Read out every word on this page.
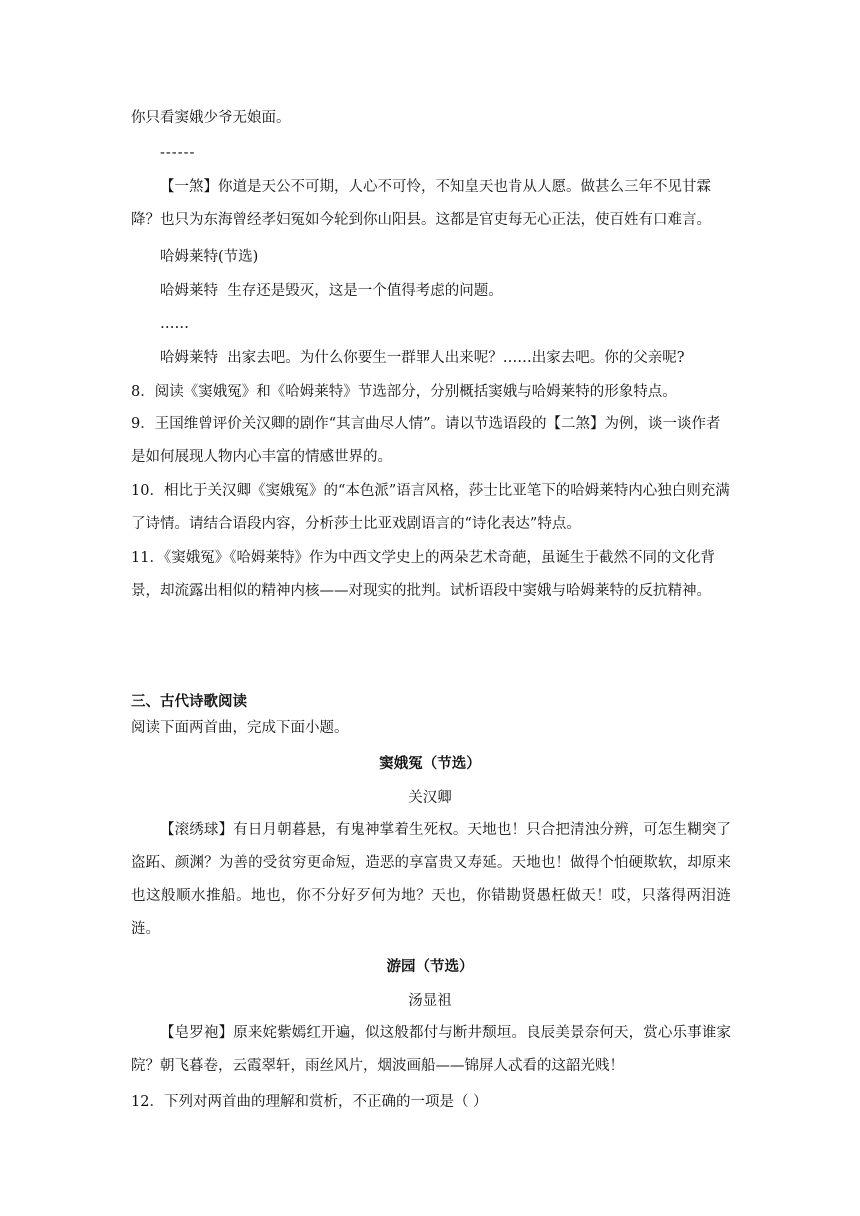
你只看窦娥少爷无娘面。
------
【一煞】你道是天公不可期，人心不可怜，不知皇天也肯从人愿。做甚么三年不见甘霖降？也只为东海曾经孝妇冤如今轮到你山阳县。这都是官吏每无心正法，使百姓有口难言。
哈姆莱特(节选)
哈姆莱特  生存还是毁灭，这是一个值得考虑的问题。
……
哈姆莱特  出家去吧。为什么你要生一群罪人出来呢？……出家去吧。你的父亲呢?
8．阅读《窦娥冤》和《哈姆莱特》节选部分，分别概括窦娥与哈姆莱特的形象特点。
9．王国维曾评价关汉卿的剧作“其言曲尽人情”。请以节选语段的【二煞】为例，谈一谈作者是如何展现人物内心丰富的情感世界的。
10．相比于关汉卿《窦娥冤》的“本色派”语言风格，莎士比亚笔下的哈姆莱特内心独白则充满了诗情。请结合语段内容，分析莎士比亚戏剧语言的“诗化表达”特点。
11．《窦娥冤》《哈姆莱特》作为中西文学史上的两朵艺术奇葩，虽诞生于截然不同的文化背景，却流露出相似的精神内核——对现实的批判。试析语段中窦娥与哈姆莱特的反抗精神。
三、古代诗歌阅读
阅读下面两首曲，完成下面小题。
窦娥冤（节选）
关汉卿
【滚绣球】有日月朝暮悬，有鬼神掌着生死权。天地也！只合把清浊分辨，可怎生糊突了盗跖、颜渊？为善的受贫穷更命短，造恶的享富贵又寿延。天地也！做得个怕硬欺软，却原来也这般顺水推船。地也，你不分好歹何为地？天也，你错勘贤愚枉做天！哎，只落得两泪涟涟。
游园（节选）
汤显祖
【皂罗袍】原来姹紫嫣红开遍，似这般都付与断井颓垣。良辰美景奈何天，赏心乐事谁家院？朝飞暮卷，云霞翠轩，雨丝风片，烟波画船——锦屏人忒看的这韶光贱！
12．下列对两首曲的理解和赏析，不正确的一项是（ ）
